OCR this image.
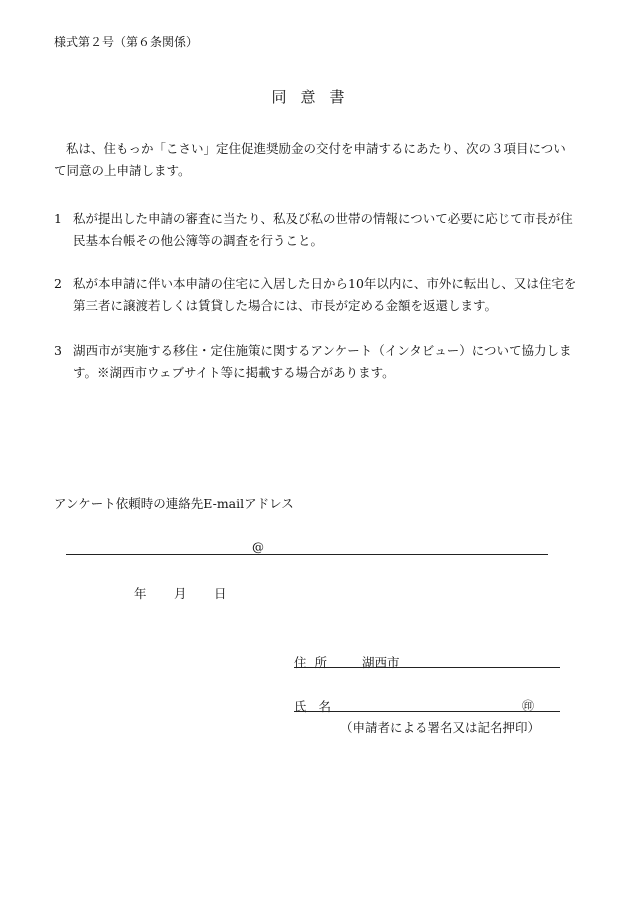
様式第２号（第６条関係）
同意書
私は、住もっか「こさい」定住促進奨励金の交付を申請するにあたり、次の３項目について同意の上申請します。
1 私が提出した申請の審査に当たり、私及び私の世帯の情報について必要に応じて市長が住民基本台帳その他公簿等の調査を行うこと。
2 私が本申請に伴い本申請の住宅に入居した日から10年以内に、市外に転出し、又は住宅を第三者に譲渡若しくは賃貸した場合には、市長が定める金額を返還します。
3 湖西市が実施する移住・定住施策に関するアンケート（インタビュー）について協力します。※湖西市ウェブサイト等に掲載する場合があります。
アンケート依頼時の連絡先E-mailアドレス
@
年 月 日
住所 湖西市
氏名	㊞
（申請者による署名又は記名押印）
